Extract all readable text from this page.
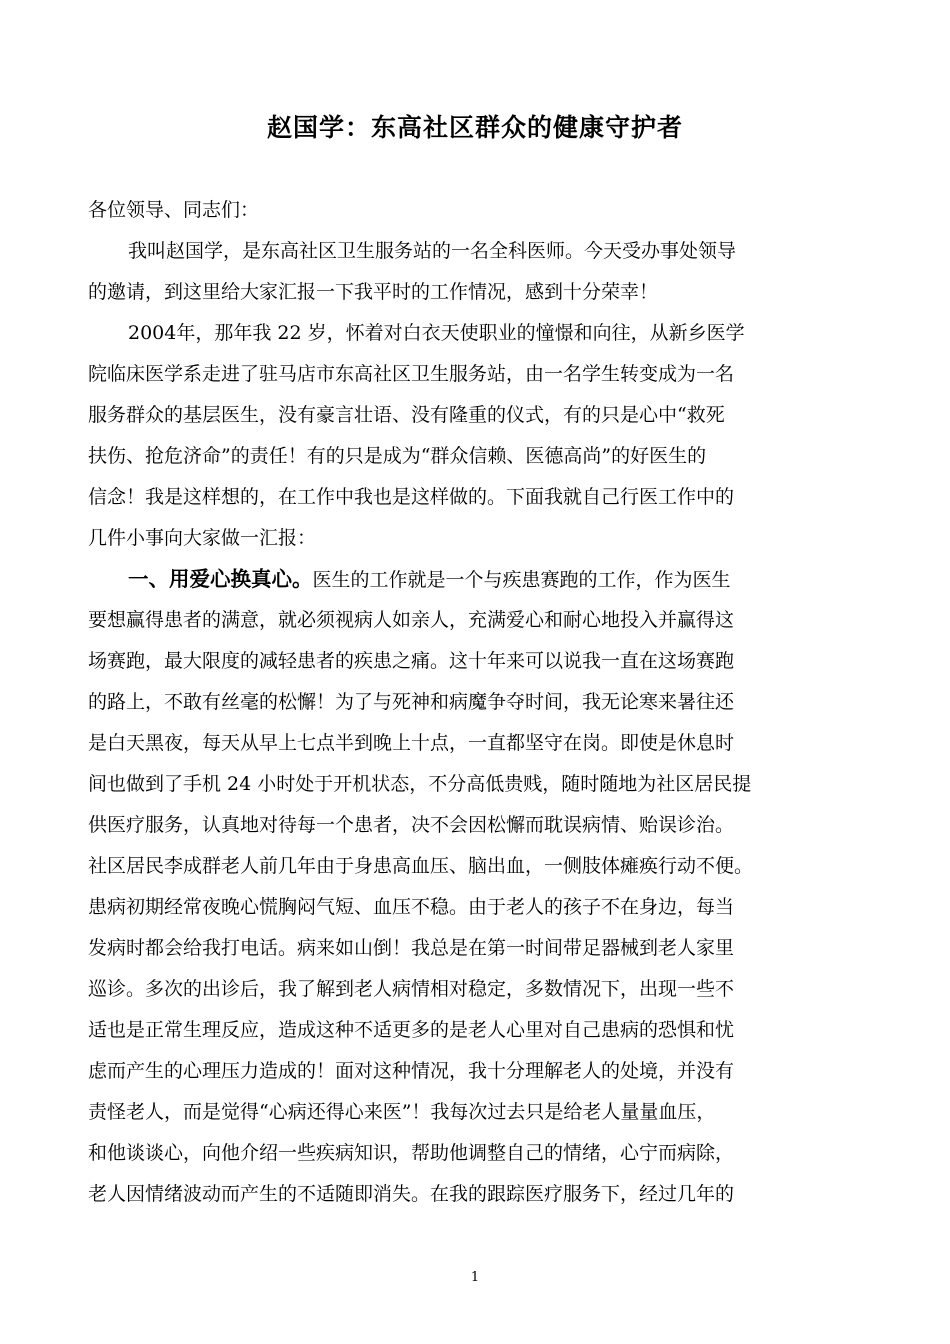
赵国学：东高社区群众的健康守护者
各位领导、同志们：
我叫赵国学，是东高社区卫生服务站的一名全科医师。今天受办事处领导
的邀请，到这里给大家汇报一下我平时的工作情况，感到十分荣幸！
2004年，那年我 22 岁，怀着对白衣天使职业的憧憬和向往，从新乡医学
院临床医学系走进了驻马店市东高社区卫生服务站，由一名学生转变成为一名
服务群众的基层医生，没有豪言壮语、没有隆重的仪式，有的只是心中“救死
扶伤、抢危济命”的责任！有的只是成为“群众信赖、医德高尚”的好医生的
信念！我是这样想的，在工作中我也是这样做的。下面我就自己行医工作中的
几件小事向大家做一汇报：
一、用爱心换真心。医生的工作就是一个与疾患赛跑的工作，作为医生
要想赢得患者的满意，就必须视病人如亲人，充满爱心和耐心地投入并赢得这
场赛跑，最大限度的减轻患者的疾患之痛。这十年来可以说我一直在这场赛跑
的路上，不敢有丝毫的松懈！为了与死神和病魔争夺时间，我无论寒来暑往还
是白天黑夜，每天从早上七点半到晚上十点，一直都坚守在岗。即使是休息时
间也做到了手机 24 小时处于开机状态，不分高低贵贱，随时随地为社区居民提
供医疗服务，认真地对待每一个患者，决不会因松懈而耽误病情、贻误诊治。
社区居民李成群老人前几年由于身患高血压、脑出血，一侧肢体瘫痪行动不便。
患病初期经常夜晚心慌胸闷气短、血压不稳。由于老人的孩子不在身边，每当
发病时都会给我打电话。病来如山倒！我总是在第一时间带足器械到老人家里
巡诊。多次的出诊后，我了解到老人病情相对稳定，多数情况下，出现一些不
适也是正常生理反应，造成这种不适更多的是老人心里对自己患病的恐惧和忧
虑而产生的心理压力造成的！面对这种情况，我十分理解老人的处境，并没有
责怪老人，而是觉得“心病还得心来医”！我每次过去只是给老人量量血压，
和他谈谈心，向他介绍一些疾病知识，帮助他调整自己的情绪，心宁而病除，
老人因情绪波动而产生的不适随即消失。在我的跟踪医疗服务下，经过几年的
1
